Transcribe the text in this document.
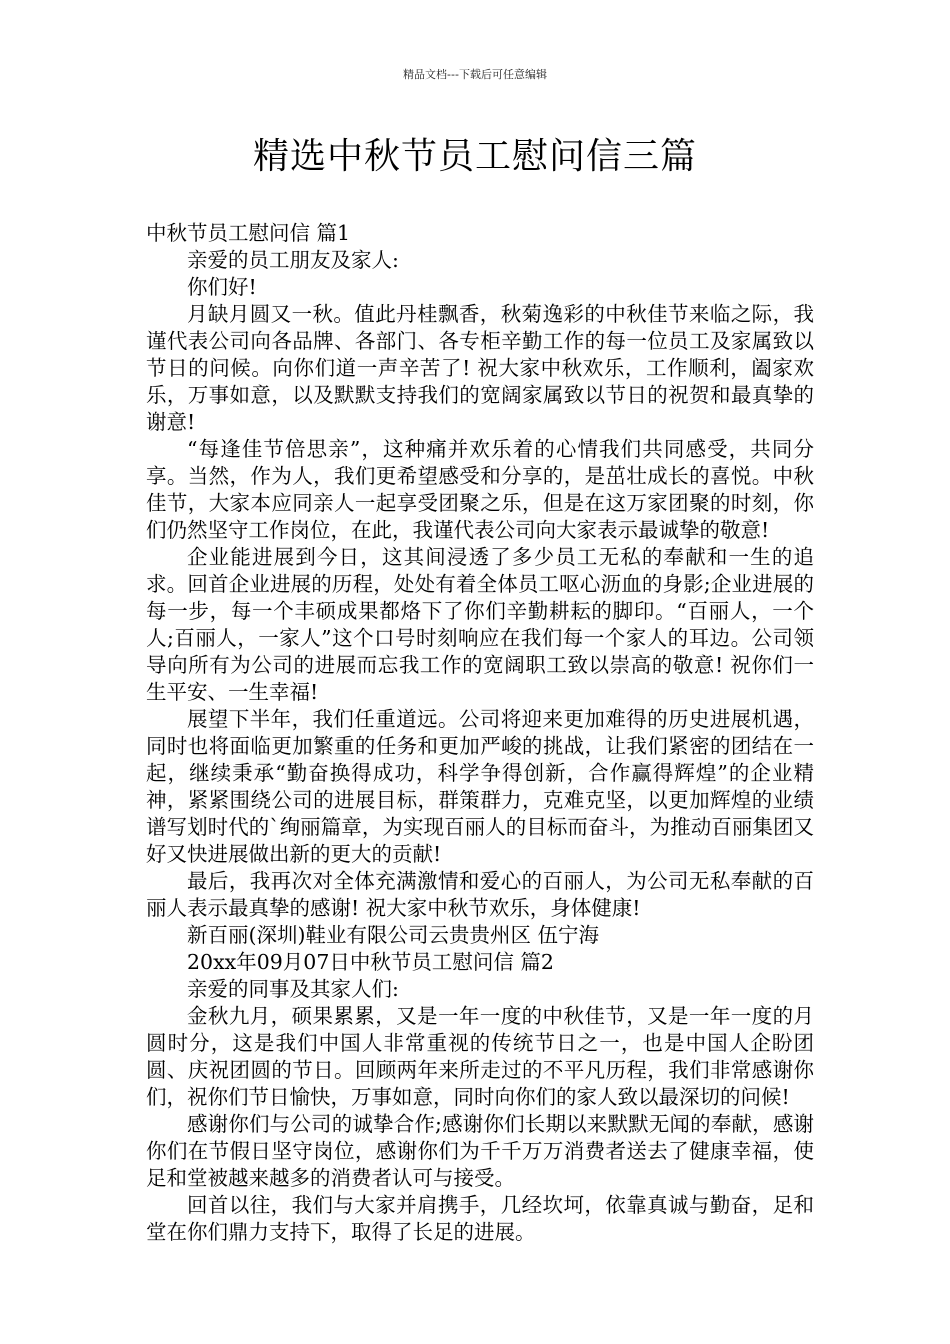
精品文档---下载后可任意编辑
精选中秋节员工慰问信三篇

中秋节员工慰问信 篇1

亲爱的员工朋友及家人:

你们好!

月缺月圆又一秋。值此丹桂飘香，秋菊逸彩的中秋佳节来临之际，我谨代表公司向各品牌、各部门、各专柜辛勤工作的每一位员工及家属致以节日的问候。向你们道一声辛苦了! 祝大家中秋欢乐，工作顺利，阖家欢乐，万事如意，以及默默支持我们的宽阔家属致以节日的祝贺和最真挚的谢意!

“每逢佳节倍思亲”，这种痛并欢乐着的心情我们共同感受，共同分享。当然，作为人，我们更希望感受和分享的，是茁壮成长的喜悦。中秋佳节，大家本应同亲人一起享受团聚之乐，但是在这万家团聚的时刻，你们仍然坚守工作岗位，在此，我谨代表公司向大家表示最诚挚的敬意!

企业能进展到今日，这其间浸透了多少员工无私的奉献和一生的追求。回首企业进展的历程，处处有着全体员工呕心沥血的身影;企业进展的每一步，每一个丰硕成果都烙下了你们辛勤耕耘的脚印。“百丽人，一个人;百丽人，一家人”这个口号时刻响应在我们每一个家人的耳边。公司领导向所有为公司的进展而忘我工作的宽阔职工致以崇高的敬意! 祝你们一生平安、一生幸福!

展望下半年，我们任重道远。公司将迎来更加难得的历史进展机遇，同时也将面临更加繁重的任务和更加严峻的挑战，让我们紧密的团结在一起，继续秉承“勤奋换得成功，科学争得创新，合作赢得辉煌”的企业精神，紧紧围绕公司的进展目标，群策群力，克难克坚，以更加辉煌的业绩谱写划时代的`绚丽篇章，为实现百丽人的目标而奋斗，为推动百丽集团又好又快进展做出新的更大的贡献!

最后，我再次对全体充满激情和爱心的百丽人，为公司无私奉献的百丽人表示最真挚的感谢! 祝大家中秋节欢乐，身体健康!

新百丽(深圳)鞋业有限公司云贵贵州区 伍宁海

20xx年09月07日中秋节员工慰问信 篇2

亲爱的同事及其家人们:

金秋九月，硕果累累，又是一年一度的中秋佳节，又是一年一度的月圆时分，这是我们中国人非常重视的传统节日之一，也是中国人企盼团圆、庆祝团圆的节日。回顾两年来所走过的不平凡历程，我们非常感谢你们，祝你们节日愉快，万事如意，同时向你们的家人致以最深切的问候!

感谢你们与公司的诚挚合作;感谢你们长期以来默默无闻的奉献，感谢你们在节假日坚守岗位，感谢你们为千千万万消费者送去了健康幸福，使足和堂被越来越多的消费者认可与接受。

回首以往，我们与大家并肩携手，几经坎坷，依靠真诚与勤奋，足和堂在你们鼎力支持下，取得了长足的进展。
